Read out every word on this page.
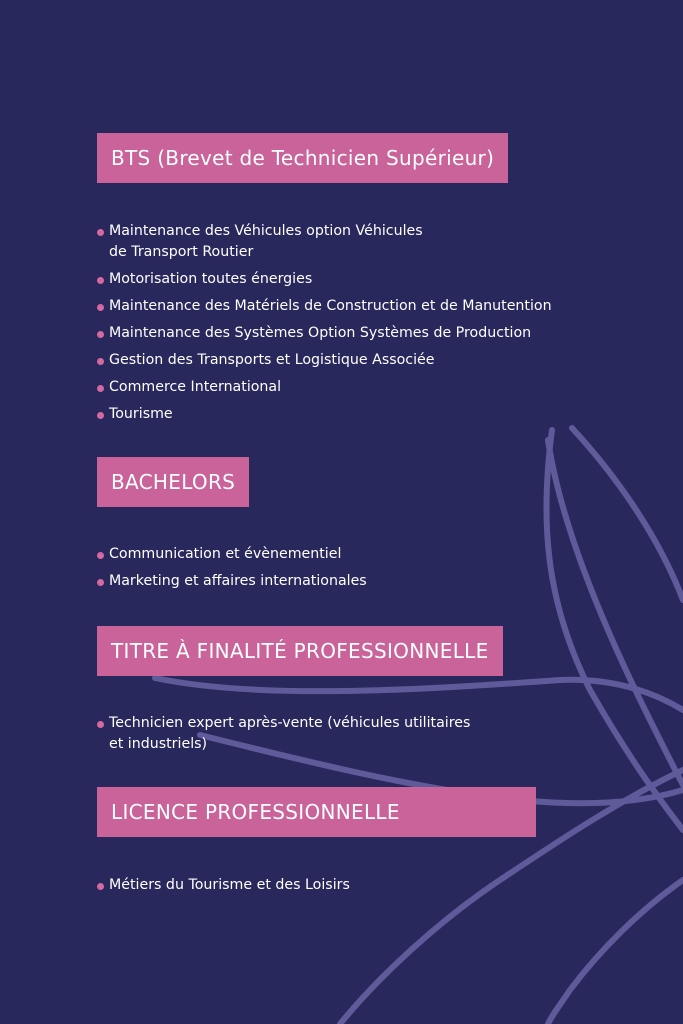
BTS (Brevet de Technicien Supérieur)
Maintenance des Véhicules option Véhicules
de Transport Routier
Motorisation toutes énergies
Maintenance des Matériels de Construction et de Manutention
Maintenance des Systèmes Option Systèmes de Production
Gestion des Transports et Logistique Associée
Commerce International
Tourisme
BACHELORS
Communication et évènementiel
Marketing et affaires internationales
TITRE À FINALITÉ PROFESSIONNELLE
Technicien expert après-vente (véhicules utilitaires
et industriels)
LICENCE PROFESSIONNELLE
Métiers du Tourisme et des Loisirs
